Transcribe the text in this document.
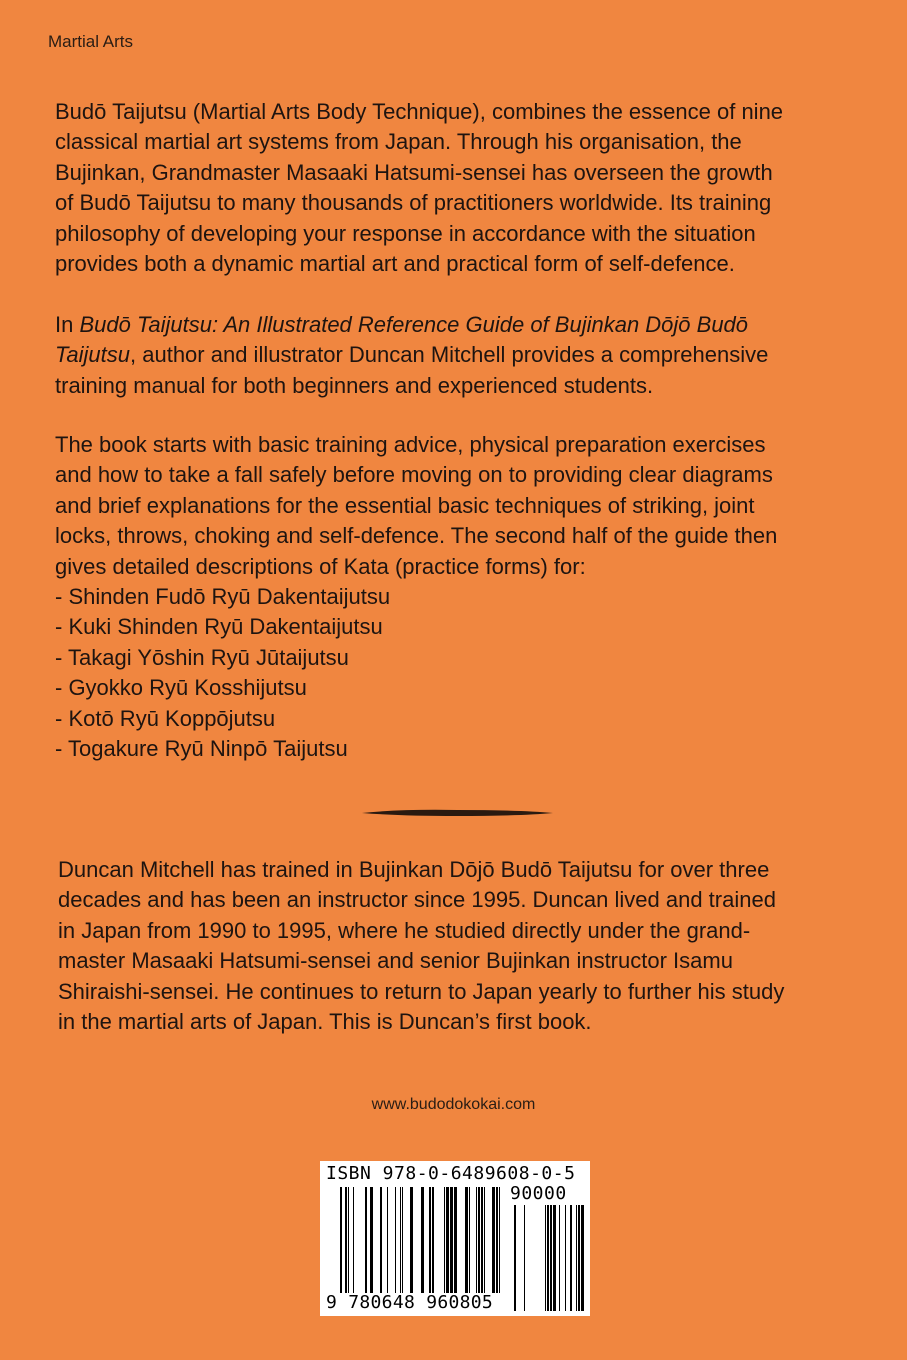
Martial Arts
Budō Taijutsu (Martial Arts Body Technique), combines the essence of nine
classical martial art systems from Japan. Through his organisation, the
Bujinkan, Grandmaster Masaaki Hatsumi-sensei has overseen the growth
of Budō Taijutsu to many thousands of practitioners worldwide. Its training
philosophy of developing your response in accordance with the situation
provides both a dynamic martial art and practical form of self-defence.
In Budō Taijutsu: An Illustrated Reference Guide of Bujinkan Dōjō Budō
Taijutsu, author and illustrator Duncan Mitchell provides a comprehensive
training manual for both beginners and experienced students.
The book starts with basic training advice, physical preparation exercises
and how to take a fall safely before moving on to providing clear diagrams
and brief explanations for the essential basic techniques of striking, joint
locks, throws, choking and self-defence. The second half of the guide then
gives detailed descriptions of Kata (practice forms) for:
- Shinden Fudō Ryū Dakentaijutsu
- Kuki Shinden Ryū Dakentaijutsu
- Takagi Yōshin Ryū Jūtaijutsu
- Gyokko Ryū Kosshijutsu
- Kotō Ryū Koppōjutsu
- Togakure Ryū Ninpō Taijutsu
Duncan Mitchell has trained in Bujinkan Dōjō Budō Taijutsu for over three
decades and has been an instructor since 1995. Duncan lived and trained
in Japan from 1990 to 1995, where he studied directly under the grand-
master Masaaki Hatsumi-sensei and senior Bujinkan instructor Isamu
Shiraishi-sensei. He continues to return to Japan yearly to further his study
in the martial arts of Japan. This is Duncan’s first book.
www.budodokokai.com
ISBN 978-0-6489608-0-5
90000
9 780648 960805
